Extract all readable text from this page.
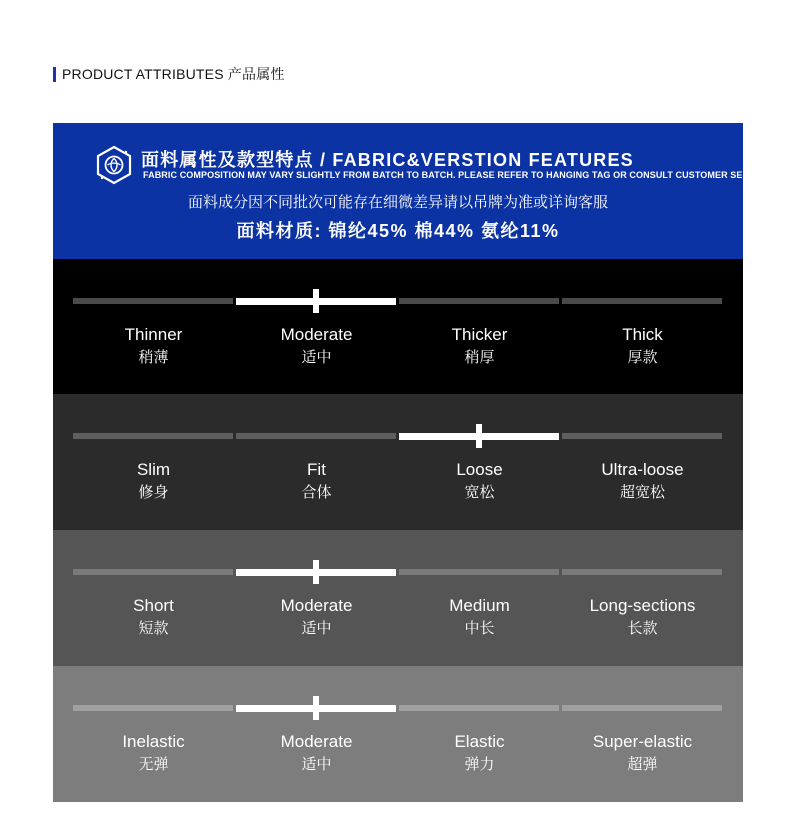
PRODUCT ATTRIBUTES 产品属性
面料属性及款型特点 / FABRIC&VERSTION FEATURES
FABRIC COMPOSITION MAY VARY SLIGHTLY FROM BATCH TO BATCH. PLEASE REFER TO HANGING TAG OR CONSULT CUSTOMER SERVICE.
面料成分因不同批次可能存在细微差异请以吊牌为准或详询客服
面料材质: 锦纶45% 棉44% 氨纶11%
Thinner
稍薄
Moderate
适中
Thicker
稍厚
Thick
厚款
Slim
修身
Fit
合体
Loose
宽松
Ultra-loose
超宽松
Short
短款
Moderate
适中
Medium
中长
Long-sections
长款
Inelastic
无弹
Moderate
适中
Elastic
弹力
Super-elastic
超弹
